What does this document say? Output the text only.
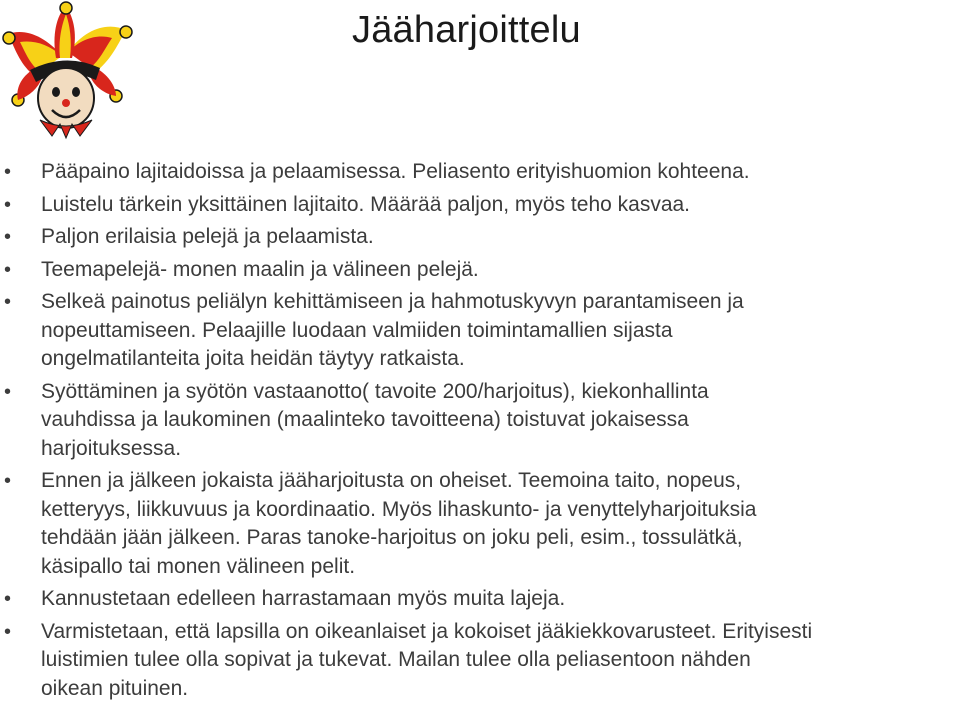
Jääharjoittelu
• Pääpaino lajitaidoissa ja pelaamisessa. Peliasento erityishuomion kohteena.
• Luistelu tärkein yksittäinen lajitaito. Määrää paljon, myös teho kasvaa.
• Paljon erilaisia pelejä ja pelaamista.
• Teemapelejä- monen maalin ja välineen pelejä.
• Selkeä painotus peliälyn kehittämiseen ja hahmotuskyvyn parantamiseen ja
nopeuttamiseen. Pelaajille luodaan valmiiden toimintamallien sijasta
ongelmatilanteita joita heidän täytyy ratkaista.
• Syöttäminen ja syötön vastaanotto( tavoite 200/harjoitus), kiekonhallinta
vauhdissa ja laukominen (maalinteko tavoitteena) toistuvat jokaisessa
harjoituksessa.
• Ennen ja jälkeen jokaista jääharjoitusta on oheiset. Teemoina taito, nopeus,
ketteryys, liikkuvuus ja koordinaatio. Myös lihaskunto- ja venyttelyharjoituksia
tehdään jään jälkeen. Paras tanoke-harjoitus on joku peli, esim., tossulätkä,
käsipallo tai monen välineen pelit.
• Kannustetaan edelleen harrastamaan myös muita lajeja.
• Varmistetaan, että lapsilla on oikeanlaiset ja kokoiset jääkiekkovarusteet. Erityisesti
luistimien tulee olla sopivat ja tukevat. Mailan tulee olla peliasentoon nähden
oikean pituinen.
